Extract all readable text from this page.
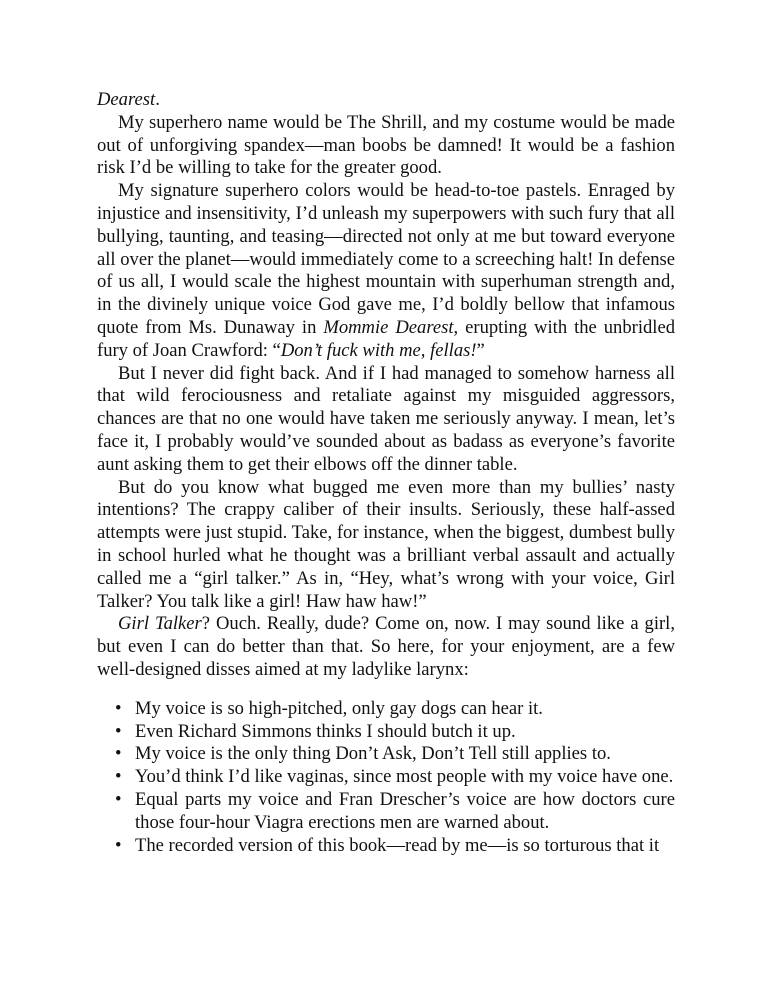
Dearest.

My superhero name would be The Shrill, and my costume would be made out of unforgiving spandex—man boobs be damned! It would be a fashion risk I’d be willing to take for the greater good.

My signature superhero colors would be head-to-toe pastels. Enraged by injustice and insensitivity, I’d unleash my superpowers with such fury that all bullying, taunting, and teasing—directed not only at me but toward everyone all over the planet—would immediately come to a screeching halt! In defense of us all, I would scale the highest mountain with superhuman strength and, in the divinely unique voice God gave me, I’d boldly bellow that infamous quote from Ms. Dunaway in Mommie Dearest, erupting with the unbridled fury of Joan Crawford: “Don’t fuck with me, fellas!”

But I never did fight back. And if I had managed to somehow harness all that wild ferociousness and retaliate against my misguided aggressors, chances are that no one would have taken me seriously anyway. I mean, let’s face it, I probably would’ve sounded about as badass as everyone’s favorite aunt asking them to get their elbows off the dinner table.

But do you know what bugged me even more than my bullies’ nasty intentions? The crappy caliber of their insults. Seriously, these half-assed attempts were just stupid. Take, for instance, when the biggest, dumbest bully in school hurled what he thought was a brilliant verbal assault and actually called me a “girl talker.” As in, “Hey, what’s wrong with your voice, Girl Talker? You talk like a girl! Haw haw haw!”

Girl Talker? Ouch. Really, dude? Come on, now. I may sound like a girl, but even I can do better than that. So here, for your enjoyment, are a few well-designed disses aimed at my ladylike larynx:

• My voice is so high-pitched, only gay dogs can hear it.
• Even Richard Simmons thinks I should butch it up.
• My voice is the only thing Don’t Ask, Don’t Tell still applies to.
• You’d think I’d like vaginas, since most people with my voice have one.
• Equal parts my voice and Fran Drescher’s voice are how doctors cure those four-hour Viagra erections men are warned about.
• The recorded version of this book—read by me—is so torturous that it
